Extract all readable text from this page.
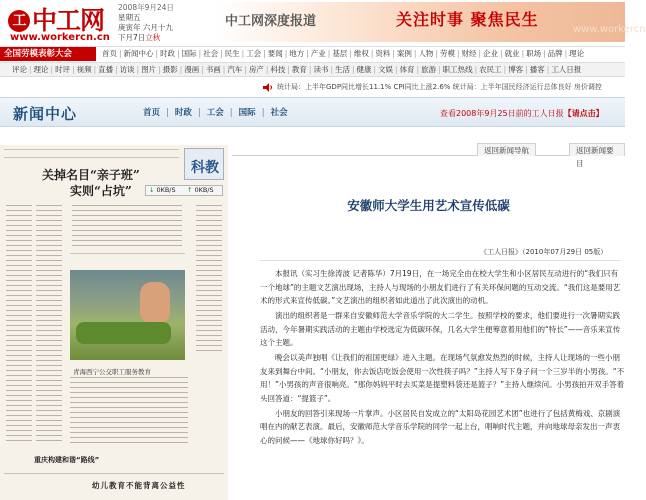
工 中工网
www.workercn.cn
2008年9月24日
星期五
庚寅年 六月十九
下月7日立秋
中工网深度报道	关注时事 聚焦民生
www.workercn
全国劳模表彰大会	首页 | 新闻中心 | 时政 | 国际 | 社会 | 民生 | 工会 | 要闻 | 地方 | 产业 | 基层 | 维权 | 资料 | 案例 | 人物 | 劳模 | 财经 | 企业 | 就业 | 职场 | 品牌 | 理论
评论 | 理论 | 时评 | 视频 | 直播 | 访谈 | 图片 | 摄影 | 漫画 | 书画 | 汽车 | 房产 | 科技 | 教育 | 读书 | 生活 | 健康 | 文娱 | 体育 | 旅游 | 职工热线 | 农民工 | 博客 | 播客 | 工人日报
统计局：上半年GDP同比增长11.1% CPI同比上涨2.6% 统计局：上半年国民经济运行总体良好 房价调控
新闻中心	首页 | 时政 | 工会 | 国际 | 社会	查看2008年9月25日前的工人日报【请点击】
科教
关掉名目“亲子班”
实则“占坑”
青海西宁公交职工服务教育
重庆构建和谐“路线”
幼儿教育不能背离公益性
↓ 0KB/S ↑ 0KB/S
返回新闻导航	返回新闻要目
安徽师大学生用艺术宣传低碳
《工人日报》（2010年07月29日 05版）

本报讯（实习生徐涛波 记者陈华）7月19日，在一场完全由在校大学生和小区居民互动进行的“我们只有一个地球”的主题文艺演出现场，主持人与现场的小朋友们进行了有关环保问题的互动交流。“我们这是要用艺术的形式来宣传低碳。”文艺演出的组织者如此道出了此次演出的动机。

演出的组织者是一群来自安徽师范大学音乐学院的大二学生。按照学校的要求，他们要进行一次暑期实践活动，今年暑期实践活动的主题由学校选定为低碳环保，几名大学生便筹意着用他们的“特长”——音乐来宣传这个主题。

晚会以美声独唱《让我们的祖国更绿》进入主题。在现场气氛愈发热烈的时候，主持人让现场的一些小朋友来到舞台中间。“小朋友，你去饭店吃饭会使用一次性筷子吗？”主持人写下身子问一个三岁半的小男孩。“不用！”小男孩的声音很响亮。“那你妈妈平时去买菜是提塑料袋还是篮子？”主持人继续问。小男孩拍开双手答着头回答道：“提篮子”。

小朋友的回答引来现场一片掌声。小区居民自发成立的“太阳岛花园艺术团”也进行了包括黄梅戏、京剧演唱在内的献艺表演。最后，安徽师范大学音乐学院的同学一起上台，唱响时代主题，并向地球母亲发出一声衷心的问候——《地球你好吗？》。
